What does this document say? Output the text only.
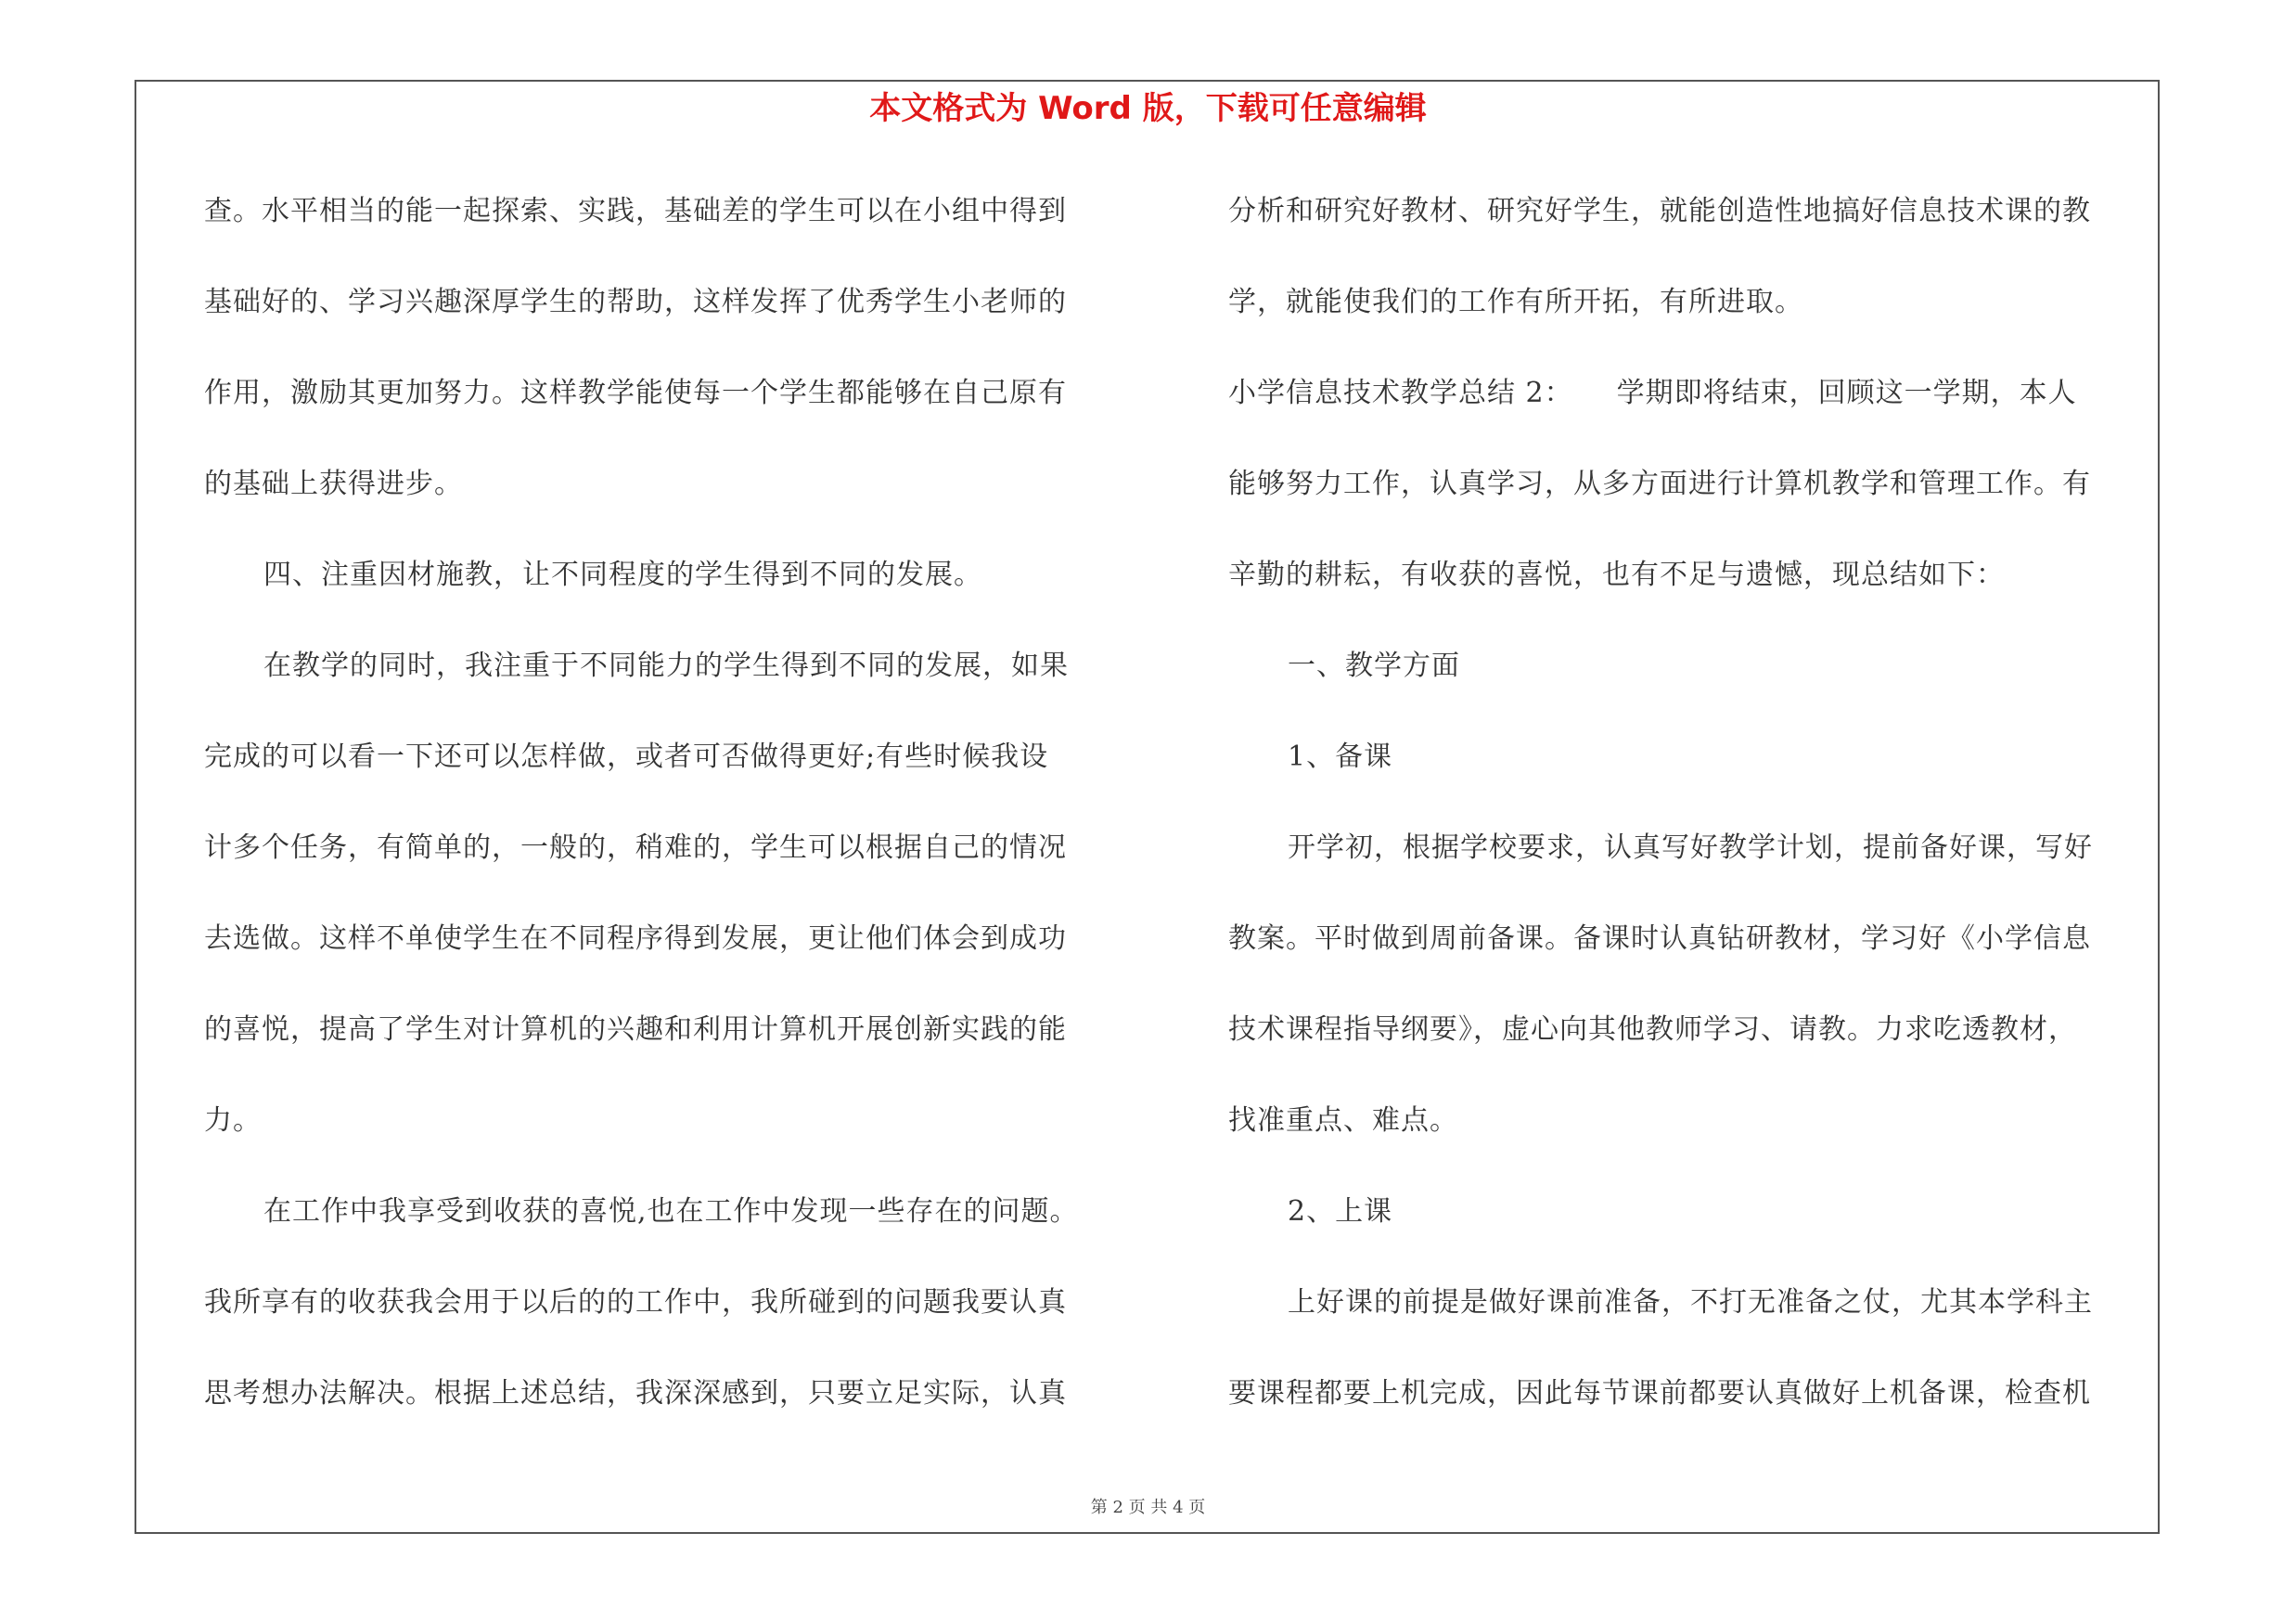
本文格式为 Word 版，下载可任意编辑
查。水平相当的能一起探索、实践，基础差的学生可以在小组中得到
基础好的、学习兴趣深厚学生的帮助，这样发挥了优秀学生小老师的
作用，激励其更加努力。这样教学能使每一个学生都能够在自己原有
的基础上获得进步。
四、注重因材施教，让不同程度的学生得到不同的发展。
在教学的同时，我注重于不同能力的学生得到不同的发展，如果
完成的可以看一下还可以怎样做，或者可否做得更好;有些时候我设
计多个任务，有简单的，一般的，稍难的，学生可以根据自己的情况
去选做。这样不单使学生在不同程序得到发展，更让他们体会到成功
的喜悦，提高了学生对计算机的兴趣和利用计算机开展创新实践的能
力。
在工作中我享受到收获的喜悦,也在工作中发现一些存在的问题。
我所享有的收获我会用于以后的的工作中，我所碰到的问题我要认真
思考想办法解决。根据上述总结，我深深感到，只要立足实际，认真
分析和研究好教材、研究好学生，就能创造性地搞好信息技术课的教
学，就能使我们的工作有所开拓，有所进取。
小学信息技术教学总结 2：　　学期即将结束，回顾这一学期，本人
能够努力工作，认真学习，从多方面进行计算机教学和管理工作。有
辛勤的耕耘，有收获的喜悦，也有不足与遗憾，现总结如下：
一、教学方面
1、备课
开学初，根据学校要求，认真写好教学计划，提前备好课，写好
教案。平时做到周前备课。备课时认真钻研教材，学习好《小学信息
技术课程指导纲要》，虚心向其他教师学习、请教。力求吃透教材，
找准重点、难点。
2、上课
上好课的前提是做好课前准备，不打无准备之仗，尤其本学科主
要课程都要上机完成，因此每节课前都要认真做好上机备课，检查机
第 2 页 共 4 页
